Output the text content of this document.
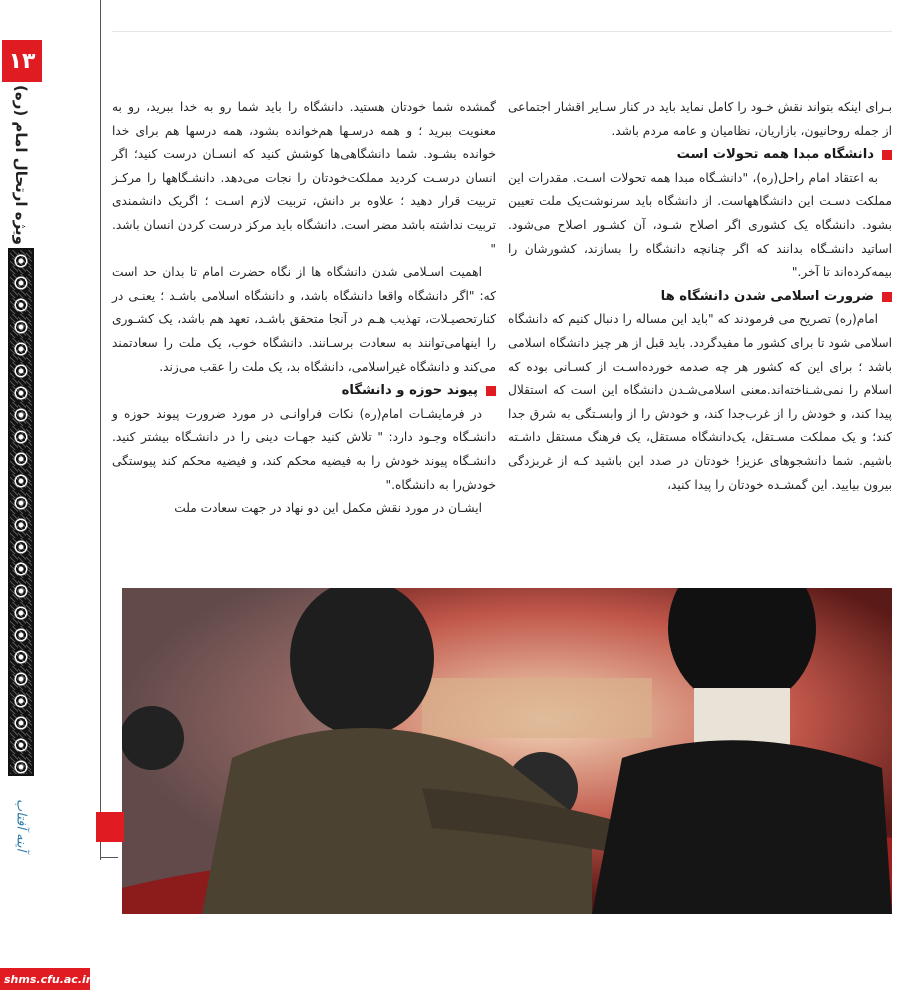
۱۳
ویژه ارتحال امام (ره)
آینه آفتاب
shms.cfu.ac.ir

بـرای اینکه بتواند نقش خـود را کامل نماید باید در کنار سـایر اقشار اجتماعی از جمله روحانیون، بازاریان، نظامیان و عامه مردم باشد.

دانشگاه مبدا همه تحولات است

به اعتقاد امام راحل(ره)، "دانشـگاه مبدا همه تحولات اسـت. مقدرات این مملکت دسـت این دانشگاههاست. از دانشگاه باید سرنوشت‌یک ملت تعیین بشود. دانشگاه یک کشوری اگر اصلاح شـود، آن کشـور اصلاح می‌شود. اساتید دانشـگاه بدانند که اگر چنانچه دانشگاه را بسازند، کشورشان را بیمه‌کرده‌اند تا آخر."

ضرورت اسلامی شدن دانشگاه ها

امام(ره) تصریح می فرمودند که "باید این مساله را دنبال کنیم که دانشگاه اسلامی شود تا برای کشور ما مفیدگردد. باید قبل از هر چیز دانشگاه اسلامی باشد ؛ برای این که کشور هر چه صدمه خورده‌اسـت از کسـانی بوده که اسلام را نمی‌شـناخته‌اند.معنی اسلامی‌شـدن دانشگاه این است که استقلال پیدا کند، و خودش را از غرب‌جدا کند، و خودش را از وابسـتگی به شرق جدا کند؛ و یک مملکت مسـتقل، یک‌دانشگاه مستقل، یک فرهنگ مستقل داشـته باشیم. شما دانشجوهای عزیز! خودتان در صدد این باشید کـه از غربزدگی بیرون بیایید. این گمشـده خودتان را پیدا کنید،

گمشده شما خودتان هستید. دانشگاه را باید شما رو به خدا ببرید، رو به معنویت ببرید ؛ و همه درسـها هم‌خوانده بشود، همه درسها هم برای خدا خوانده بشـود. شما دانشگاهی‌ها کوشش کنید که انسـان درست کنید؛ اگر انسان درسـت کردید مملکت‌خودتان را نجات می‌دهد. دانشـگاهها را مرکـز تربیت قرار دهید ؛ علاوه بر دانش، تربیت لازم اسـت ؛ اگریک دانشمندی تربیت نداشته باشد مضر است. دانشگاه باید مرکز درست کردن انسان باشد. "

اهمیت اسـلامی شدن دانشگاه ها از نگاه حضرت امام تا بدان حد است که: "اگر دانشگاه واقعا دانشگاه باشد، و دانشگاه اسلامی باشـد ؛ یعنـی در کنارتحصیـلات، تهذیب هـم در آنجا متحقق باشـد، تعهد هم باشد، یک کشـوری را اینهامی‌توانند به سعادت برسـانند. دانشگاه خوب، یک ملت را سعادتمند می‌کند و دانشگاه غیراسلامی، دانشگاه بد، یک ملت را عقب می‌زند.

پیوند حوزه و دانشگاه

در فرمایشـات امام(ره) نکات فراوانـی در مورد ضرورت پیوند حوزه و دانشـگاه وجـود دارد: " تلاش کنید جهـات دینی را در دانشـگاه بیشتر کنید. دانشـگاه پیوند خودش را به فیضیه محکم کند، و فیضیه محکم کند پیوستگی خودش‌را به دانشگاه."

ایشـان در مورد نقش مکمل این دو نهاد در جهت سعادت ملت
